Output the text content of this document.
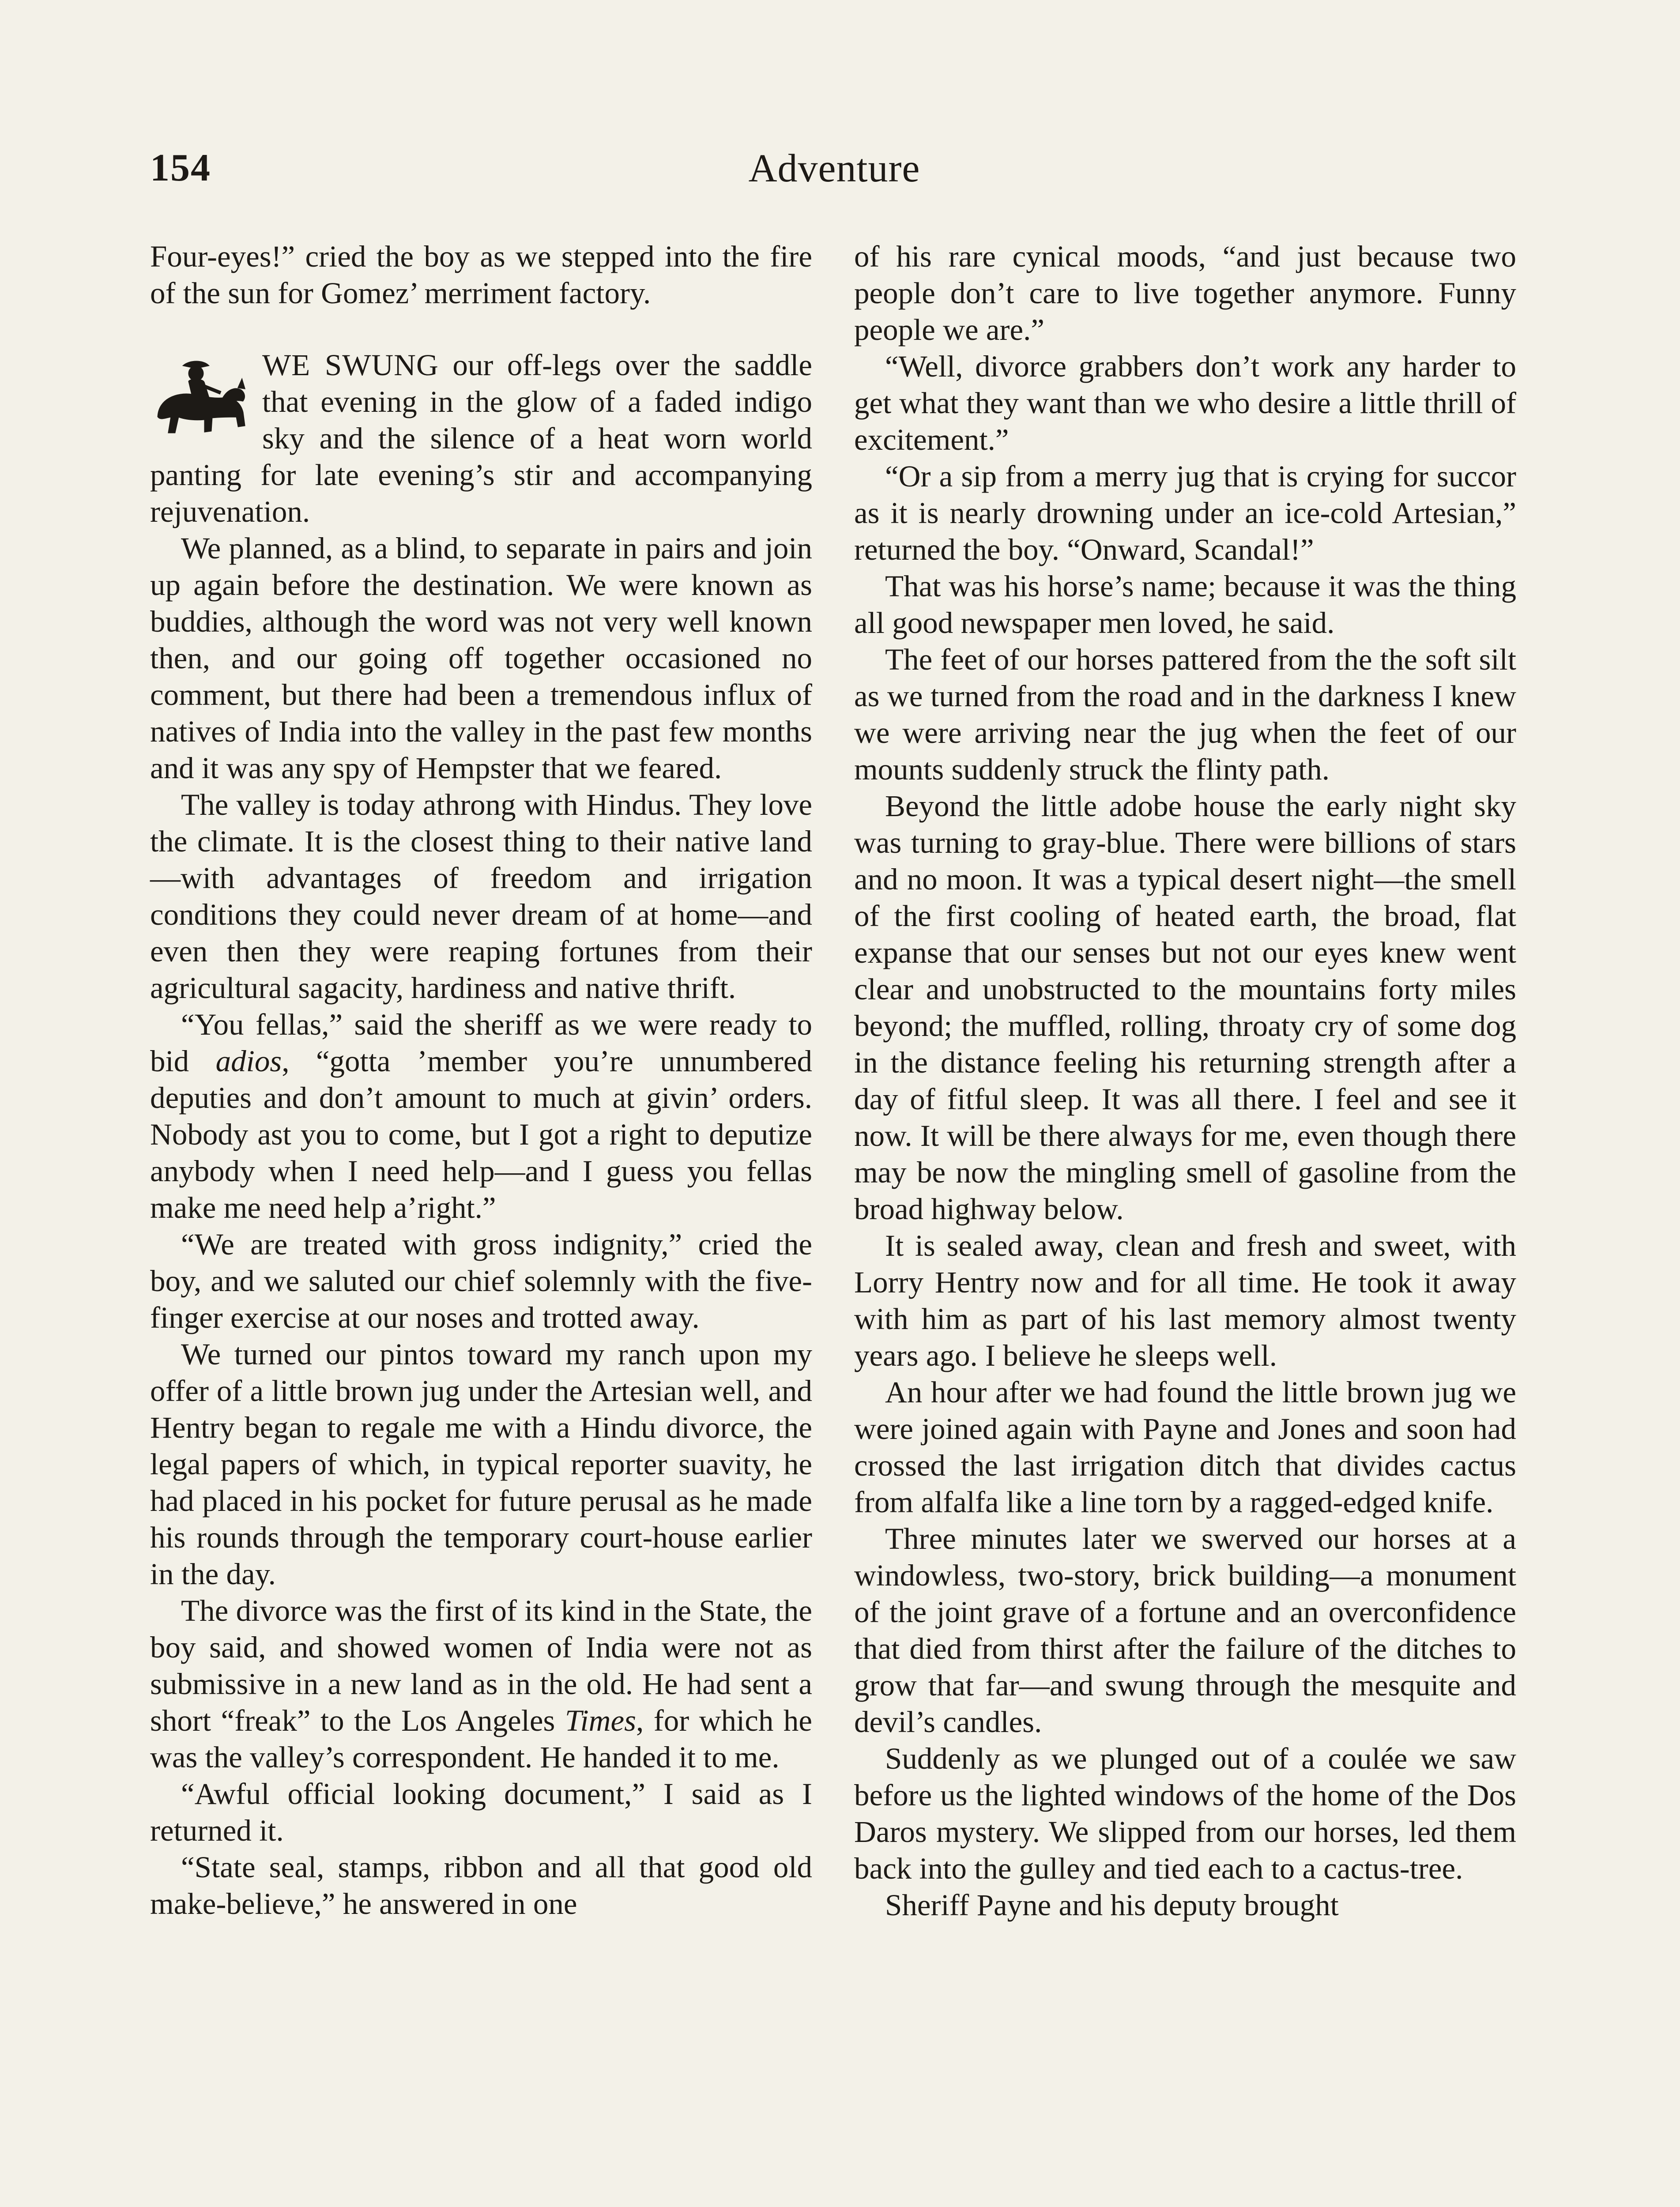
154	Adventure

Four-eyes!” cried the boy as we stepped into the fire of the sun for Gomez’ merriment factory.

WE SWUNG our off-legs over the saddle that evening in the glow of a faded indigo sky and the silence of a heat worn world panting for late evening’s stir and accompanying rejuvenation.

We planned, as a blind, to separate in pairs and join up again before the destination. We were known as buddies, although the word was not very well known then, and our going off together occasioned no comment, but there had been a tremendous influx of natives of India into the valley in the past few months and it was any spy of Hempster that we feared.

The valley is today athrong with Hindus. They love the climate. It is the closest thing to their native land—with advantages of freedom and irrigation conditions they could never dream of at home—and even then they were reaping fortunes from their agricultural sagacity, hardiness and native thrift.

“You fellas,” said the sheriff as we were ready to bid adios, “gotta ’member you’re unnumbered deputies and don’t amount to much at givin’ orders. Nobody ast you to come, but I got a right to deputize anybody when I need help—and I guess you fellas make me need help a’right.”

“We are treated with gross indignity,” cried the boy, and we saluted our chief solemnly with the five-finger exercise at our noses and trotted away.

We turned our pintos toward my ranch upon my offer of a little brown jug under the Artesian well, and Hentry began to regale me with a Hindu divorce, the legal papers of which, in typical reporter suavity, he had placed in his pocket for future perusal as he made his rounds through the temporary court-house earlier in the day.

The divorce was the first of its kind in the State, the boy said, and showed women of India were not as submissive in a new land as in the old. He had sent a short “freak” to the Los Angeles Times, for which he was the valley’s correspondent. He handed it to me.

“Awful official looking document,” I said as I returned it.

“State seal, stamps, ribbon and all that good old make-believe,” he answered in one

of his rare cynical moods, “and just because two people don’t care to live together anymore. Funny people we are.”

“Well, divorce grabbers don’t work any harder to get what they want than we who desire a little thrill of excitement.”

“Or a sip from a merry jug that is crying for succor as it is nearly drowning under an ice-cold Artesian,” returned the boy. “Onward, Scandal!”

That was his horse’s name; because it was the thing all good newspaper men loved, he said.

The feet of our horses pattered from the the soft silt as we turned from the road and in the darkness I knew we were arriving near the jug when the feet of our mounts suddenly struck the flinty path.

Beyond the little adobe house the early night sky was turning to gray-blue. There were billions of stars and no moon. It was a typical desert night—the smell of the first cooling of heated earth, the broad, flat expanse that our senses but not our eyes knew went clear and unobstructed to the mountains forty miles beyond; the muffled, rolling, throaty cry of some dog in the distance feeling his returning strength after a day of fitful sleep. It was all there. I feel and see it now. It will be there always for me, even though there may be now the mingling smell of gasoline from the broad highway below.

It is sealed away, clean and fresh and sweet, with Lorry Hentry now and for all time. He took it away with him as part of his last memory almost twenty years ago. I believe he sleeps well.

An hour after we had found the little brown jug we were joined again with Payne and Jones and soon had crossed the last irrigation ditch that divides cactus from alfalfa like a line torn by a ragged-edged knife.

Three minutes later we swerved our horses at a windowless, two-story, brick building—a monument of the joint grave of a fortune and an overconfidence that died from thirst after the failure of the ditches to grow that far—and swung through the mesquite and devil’s candles.

Suddenly as we plunged out of a coulée we saw before us the lighted windows of the home of the Dos Daros mystery. We slipped from our horses, led them back into the gulley and tied each to a cactus-tree.

Sheriff Payne and his deputy brought
